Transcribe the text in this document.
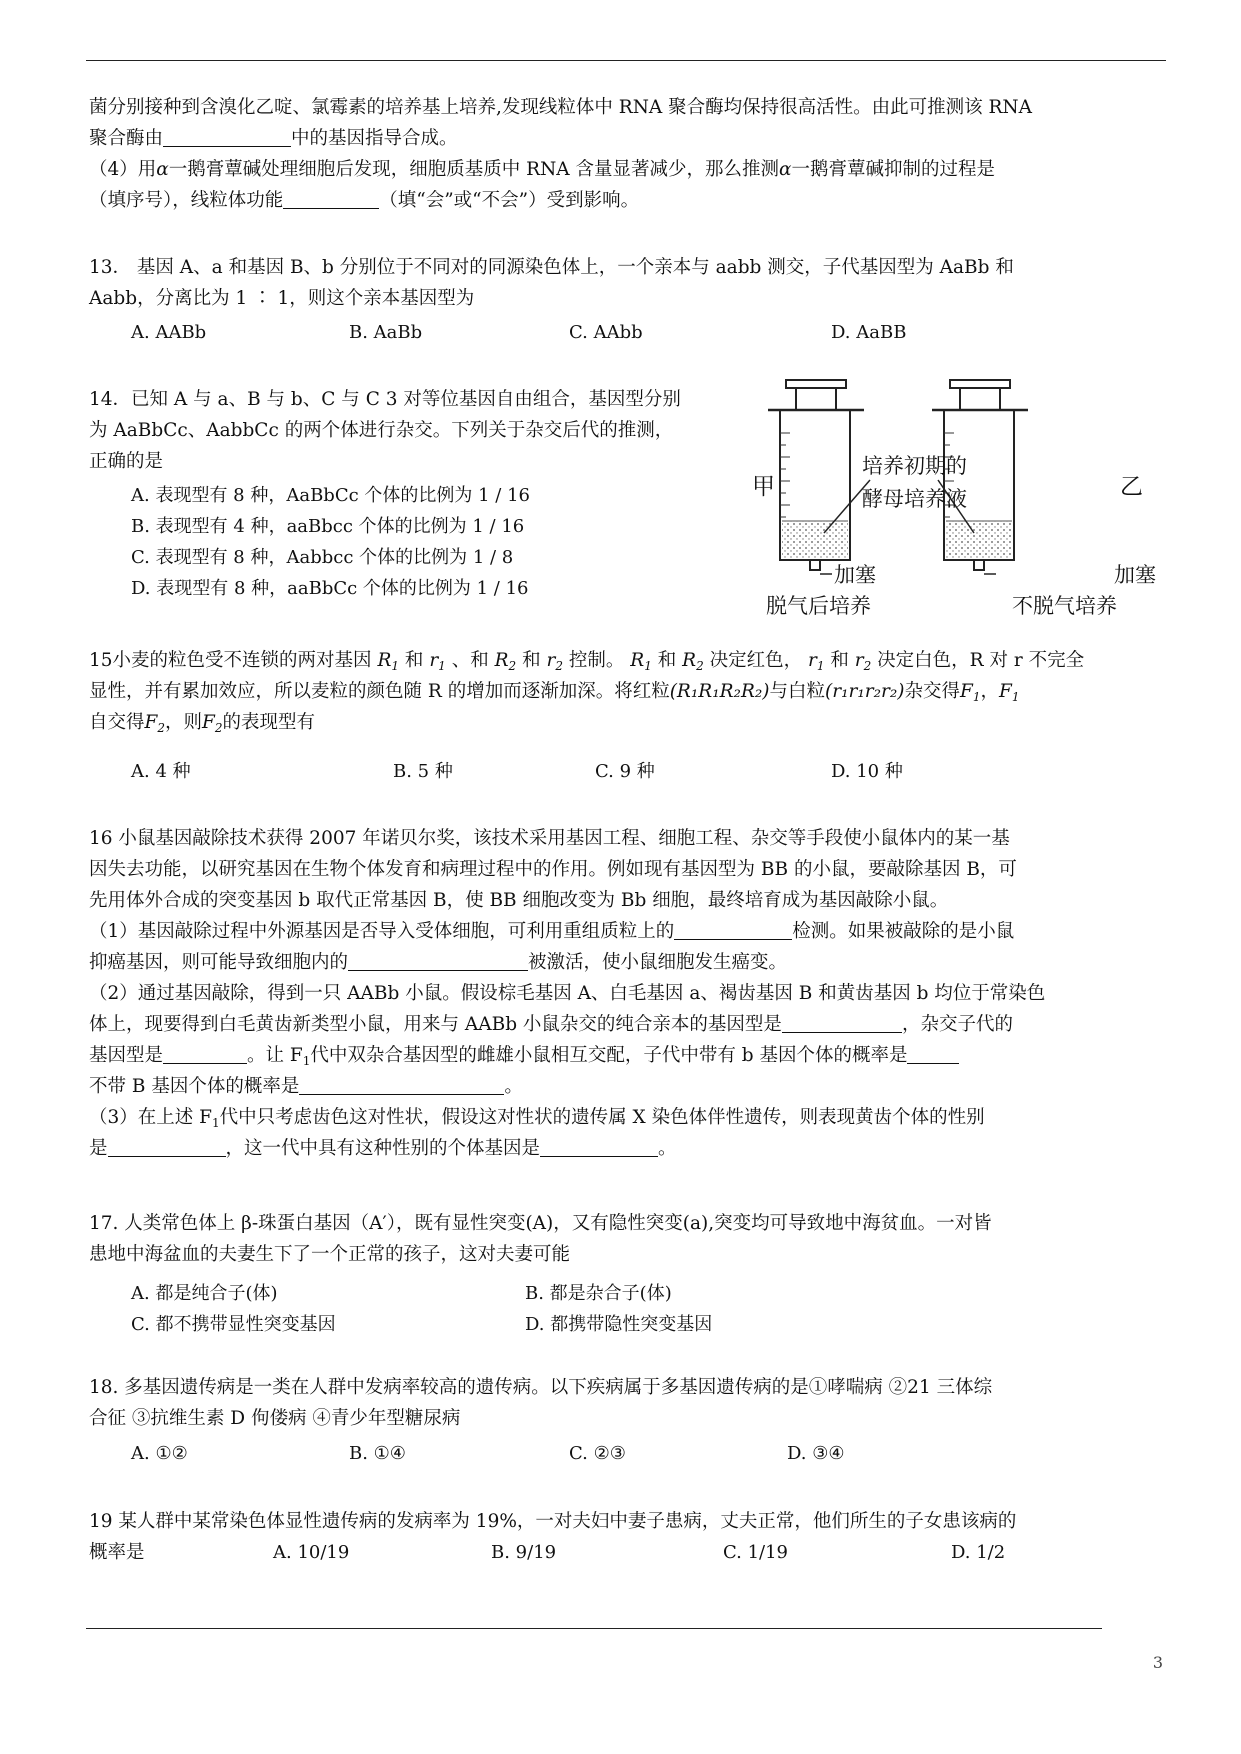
菌分别接种到含溴化乙啶、氯霉素的培养基上培养,发现线粒体中 RNA 聚合酶均保持很高活性。由此可推测该 RNA
聚合酶由	中的基因指导合成。
（4）用α一鹅膏蕈碱处理细胞后发现，细胞质基质中 RNA 含量显著减少，那么推测α一鹅膏蕈碱抑制的过程是
（填序号），线粒体功能	（填“会”或“不会”）受到影响。
13． 基因 A、a 和基因 B、b 分别位于不同对的同源染色体上，一个亲本与 aabb 测交，子代基因型为 AaBb 和
Aabb，分离比为 1 ∶ 1，则这个亲本基因型为
A. AABb	B. AaBb	C. AAbb	D. AaBB
14．已知 A 与 a、B 与 b、C 与 C 3 对等位基因自由组合，基因型分别
为 AaBbCc、AabbCc 的两个体进行杂交。下列关于杂交后代的推测，
正确的是
A. 表现型有 8 种，AaBbCc 个体的比例为 1 / 16
B. 表现型有 4 种，aaBbcc 个体的比例为 1 / 16
C. 表现型有 8 种，Aabbcc 个体的比例为 1 / 8
D. 表现型有 8 种，aaBbCc 个体的比例为 1 / 16
甲	乙
培养初期的
酵母培养液
加塞	加塞
脱气后培养	不脱气培养
15小麦的粒色受不连锁的两对基因 $R_1$ 和 $r_1$ 、和 $R_2$ 和 $r_2$ 控制。 $R_1$ 和 $R_2$ 决定红色， $r_1$ 和 $r_2$ 决定白色，R 对 r 不完全
显性，并有累加效应，所以麦粒的颜色随 R 的增加而逐渐加深。将红粒(R₁R₁R₂R₂)与白粒(r₁r₁r₂r₂)杂交得$F_1$，$F_1$
自交得$F_2$，则$F_2$的表现型有
A. 4 种	B. 5 种	C. 9 种	D. 10 种
16 小鼠基因敲除技术获得 2007 年诺贝尔奖，该技术采用基因工程、细胞工程、杂交等手段使小鼠体内的某一基
因失去功能，以研究基因在生物个体发育和病理过程中的作用。例如现有基因型为 BB 的小鼠，要敲除基因 B，可
先用体外合成的突变基因 b 取代正常基因 B，使 BB 细胞改变为 Bb 细胞，最终培育成为基因敲除小鼠。
（1）基因敲除过程中外源基因是否导入受体细胞，可利用重组质粒上的	检测。如果被敲除的是小鼠
抑癌基因，则可能导致细胞内的	被激活，使小鼠细胞发生癌变。
（2）通过基因敲除，得到一只 AABb 小鼠。假设棕毛基因 A、白毛基因 a、褐齿基因 B 和黄齿基因 b 均位于常染色
体上，现要得到白毛黄齿新类型小鼠，用来与 AABb 小鼠杂交的纯合亲本的基因型是	，杂交子代的
基因型是	。让 $F_1$代中双杂合基因型的雌雄小鼠相互交配，子代中带有 b 基因个体的概率是
不带 B 基因个体的概率是	。
（3）在上述 $F_1$代中只考虑齿色这对性状，假设这对性状的遗传属 X 染色体伴性遗传，则表现黄齿个体的性别
是	，这一代中具有这种性别的个体基因是	。
17. 人类常色体上 β-珠蛋白基因（A′），既有显性突变(A)，又有隐性突变(a),突变均可导致地中海贫血。一对皆
患地中海盆血的夫妻生下了一个正常的孩子，这对夫妻可能
A. 都是纯合子(体)	B. 都是杂合子(体)
C. 都不携带显性突变基因	D. 都携带隐性突变基因
18. 多基因遗传病是一类在人群中发病率较高的遗传病。以下疾病属于多基因遗传病的是①哮喘病 ②21 三体综
合征 ③抗维生素 D 佝偻病 ④青少年型糖尿病
A. ①②	B. ①④	C. ②③	D. ③④
19 某人群中某常染色体显性遗传病的发病率为 19%，一对夫妇中妻子患病，丈夫正常，他们所生的子女患该病的
概率是	A. 10/19	B. 9/19	C. 1/19	D. 1/2
3
